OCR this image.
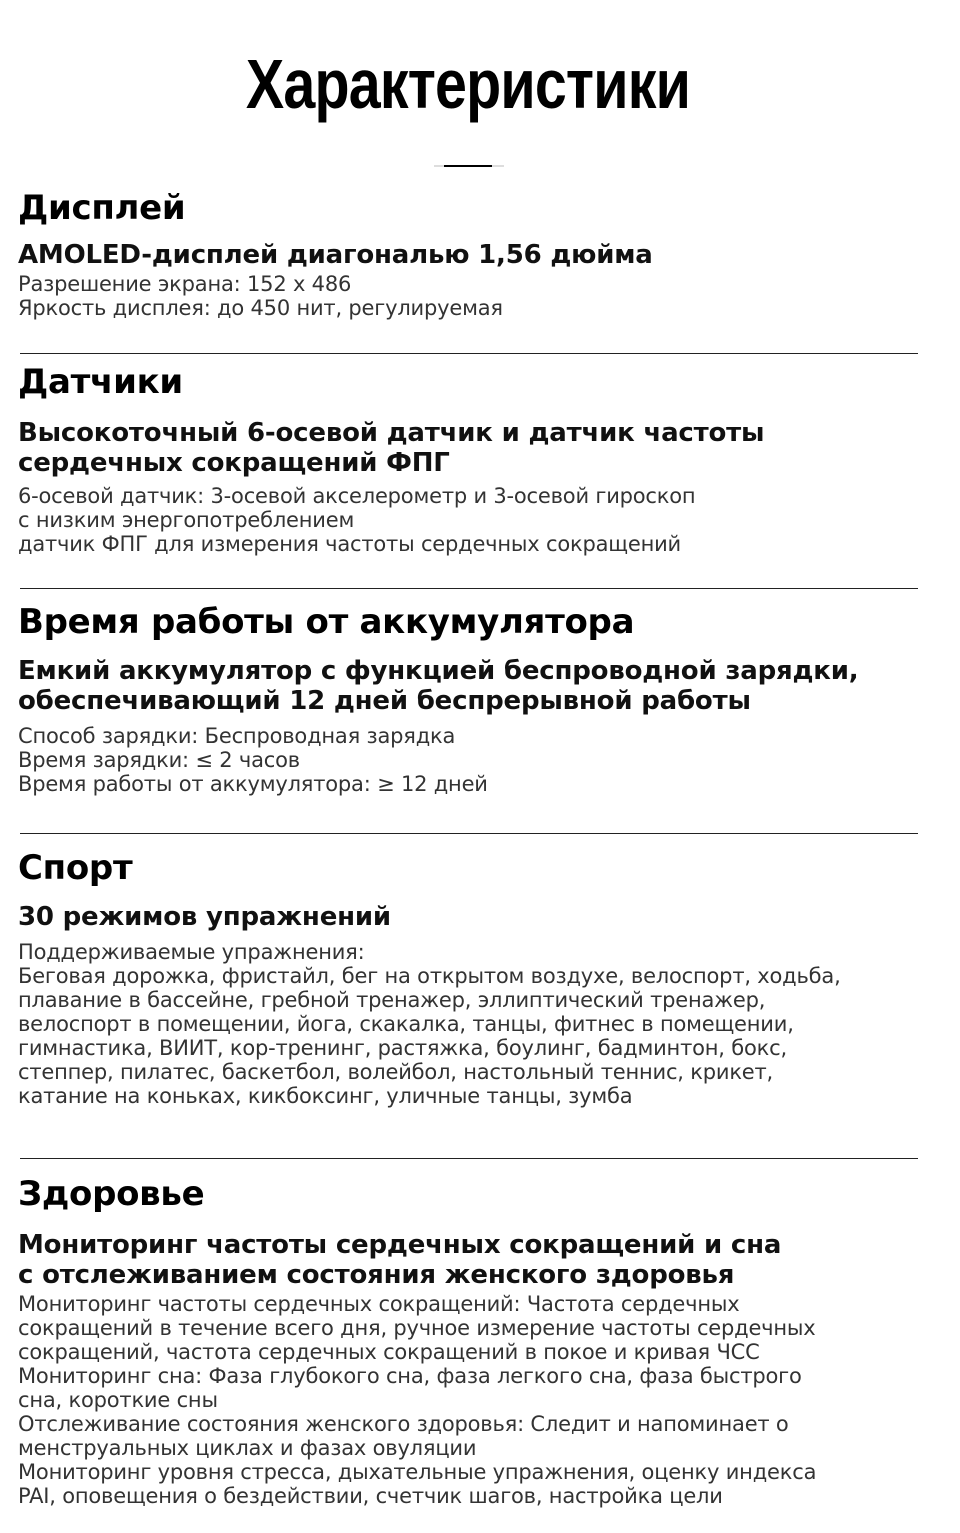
Характеристики
Дисплей
AMOLED-дисплей диагональю 1,56 дюйма
Разрешение экрана: 152 x 486
Яркость дисплея: до 450 нит, регулируемая
Датчики
Высокоточный 6-осевой датчик и датчик частоты
сердечных сокращений ФПГ
6-осевой датчик: 3-осевой акселерометр и 3-осевой гироскоп
с низким энергопотреблением
датчик ФПГ для измерения частоты сердечных сокращений
Время работы от аккумулятора
Емкий аккумулятор с функцией беспроводной зарядки,
обеспечивающий 12 дней беспрерывной работы
Способ зарядки: Беспроводная зарядка
Время зарядки: ≤ 2 часов
Время работы от аккумулятора: ≥ 12 дней
Спорт
30 режимов упражнений
Поддерживаемые упражнения:
Беговая дорожка, фристайл, бег на открытом воздухе, велоспорт, ходьба,
плавание в бассейне, гребной тренажер, эллиптический тренажер,
велоспорт в помещении, йога, скакалка, танцы, фитнес в помещении,
гимнастика, ВИИТ, кор-тренинг, растяжка, боулинг, бадминтон, бокс,
степпер, пилатес, баскетбол, волейбол, настольный теннис, крикет,
катание на коньках, кикбоксинг, уличные танцы, зумба
Здоровье
Мониторинг частоты сердечных сокращений и сна
с отслеживанием состояния женского здоровья
Мониторинг частоты сердечных сокращений: Частота сердечных
сокращений в течение всего дня, ручное измерение частоты сердечных
сокращений, частота сердечных сокращений в покое и кривая ЧСС
Мониторинг сна: Фаза глубокого сна, фаза легкого сна, фаза быстрого
сна, короткие сны
Отслеживание состояния женского здоровья: Следит и напоминает о
менструальных циклах и фазах овуляции
Мониторинг уровня стресса, дыхательные упражнения, оценку индекса
PAI, оповещения о бездействии, счетчик шагов, настройка цели
